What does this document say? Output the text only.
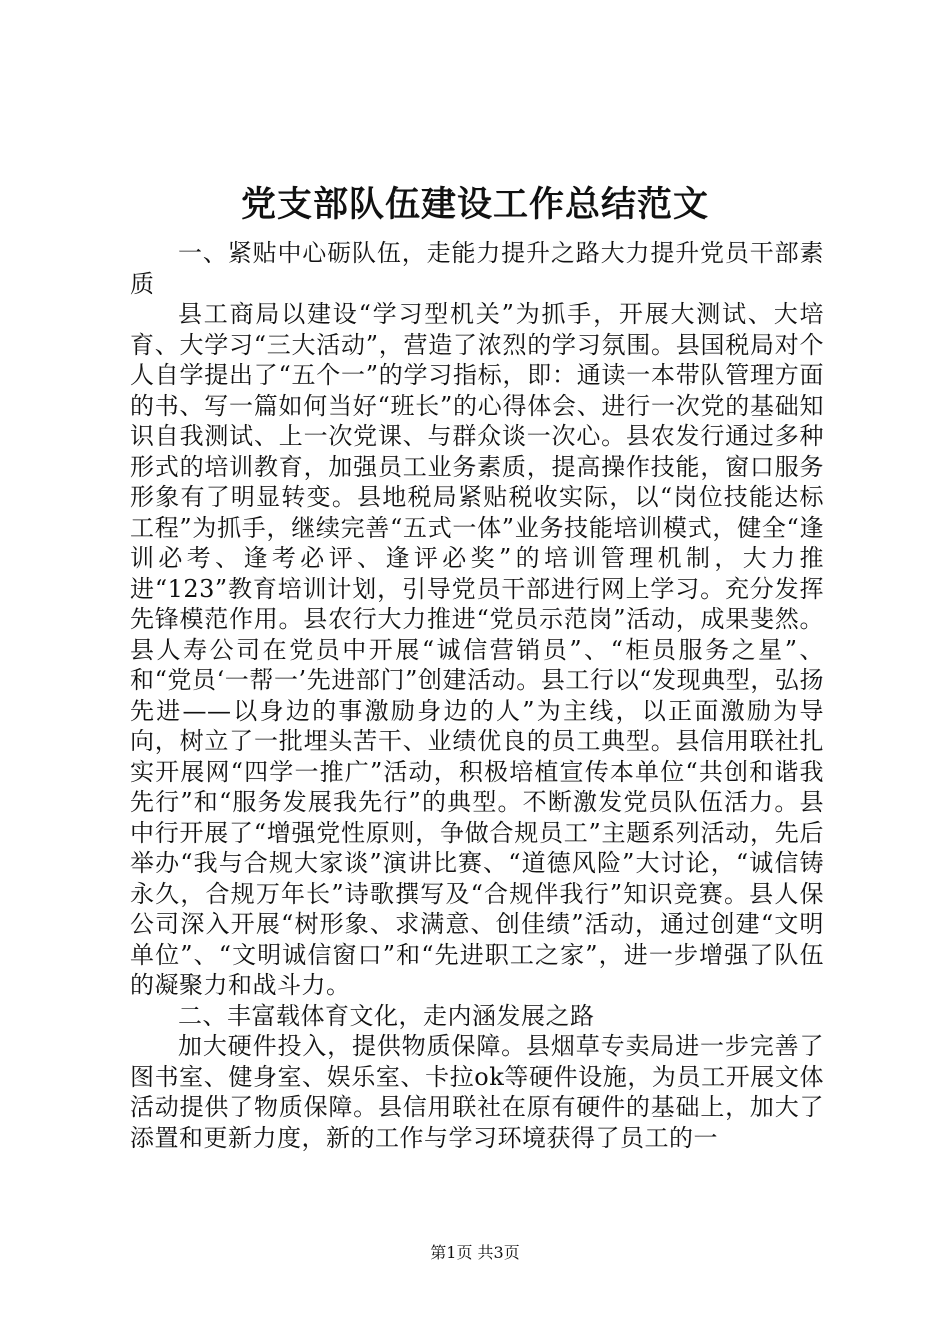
党支部队伍建设工作总结范文

一、紧贴中心砺队伍，走能力提升之路大力提升党员干部素质

县工商局以建设“学习型机关”为抓手，开展大测试、大培育、大学习“三大活动”，营造了浓烈的学习氛围。县国税局对个人自学提出了“五个一”的学习指标，即：通读一本带队管理方面的书、写一篇如何当好“班长”的心得体会、进行一次党的基础知识自我测试、上一次党课、与群众谈一次心。县农发行通过多种形式的培训教育，加强员工业务素质，提高操作技能，窗口服务形象有了明显转变。县地税局紧贴税收实际，以“岗位技能达标工程”为抓手，继续完善“五式一体”业务技能培训模式，健全“逢训必考、逢考必评、逢评必奖”的培训管理机制，大力推进“123”教育培训计划，引导党员干部进行网上学习。充分发挥先锋模范作用。县农行大力推进“党员示范岗”活动，成果斐然。县人寿公司在党员中开展“诚信营销员”、“柜员服务之星”、和“党员‘一帮一’先进部门”创建活动。县工行以“发现典型，弘扬先进——以身边的事激励身边的人”为主线，以正面激励为导向，树立了一批埋头苦干、业绩优良的员工典型。县信用联社扎实开展网“四学一推广”活动，积极培植宣传本单位“共创和谐我先行”和“服务发展我先行”的典型。不断激发党员队伍活力。县中行开展了“增强党性原则，争做合规员工”主题系列活动，先后举办“我与合规大家谈”演讲比赛、“道德风险”大讨论，“诚信铸永久，合规万年长”诗歌撰写及“合规伴我行”知识竞赛。县人保公司深入开展“树形象、求满意、创佳绩”活动，通过创建“文明单位”、“文明诚信窗口”和“先进职工之家”，进一步增强了队伍的凝聚力和战斗力。

二、丰富载体育文化，走内涵发展之路

加大硬件投入，提供物质保障。县烟草专卖局进一步完善了图书室、健身室、娱乐室、卡拉ok等硬件设施，为员工开展文体活动提供了物质保障。县信用联社在原有硬件的基础上，加大了添置和更新力度，新的工作与学习环境获得了员工的一

第1页 共3页
